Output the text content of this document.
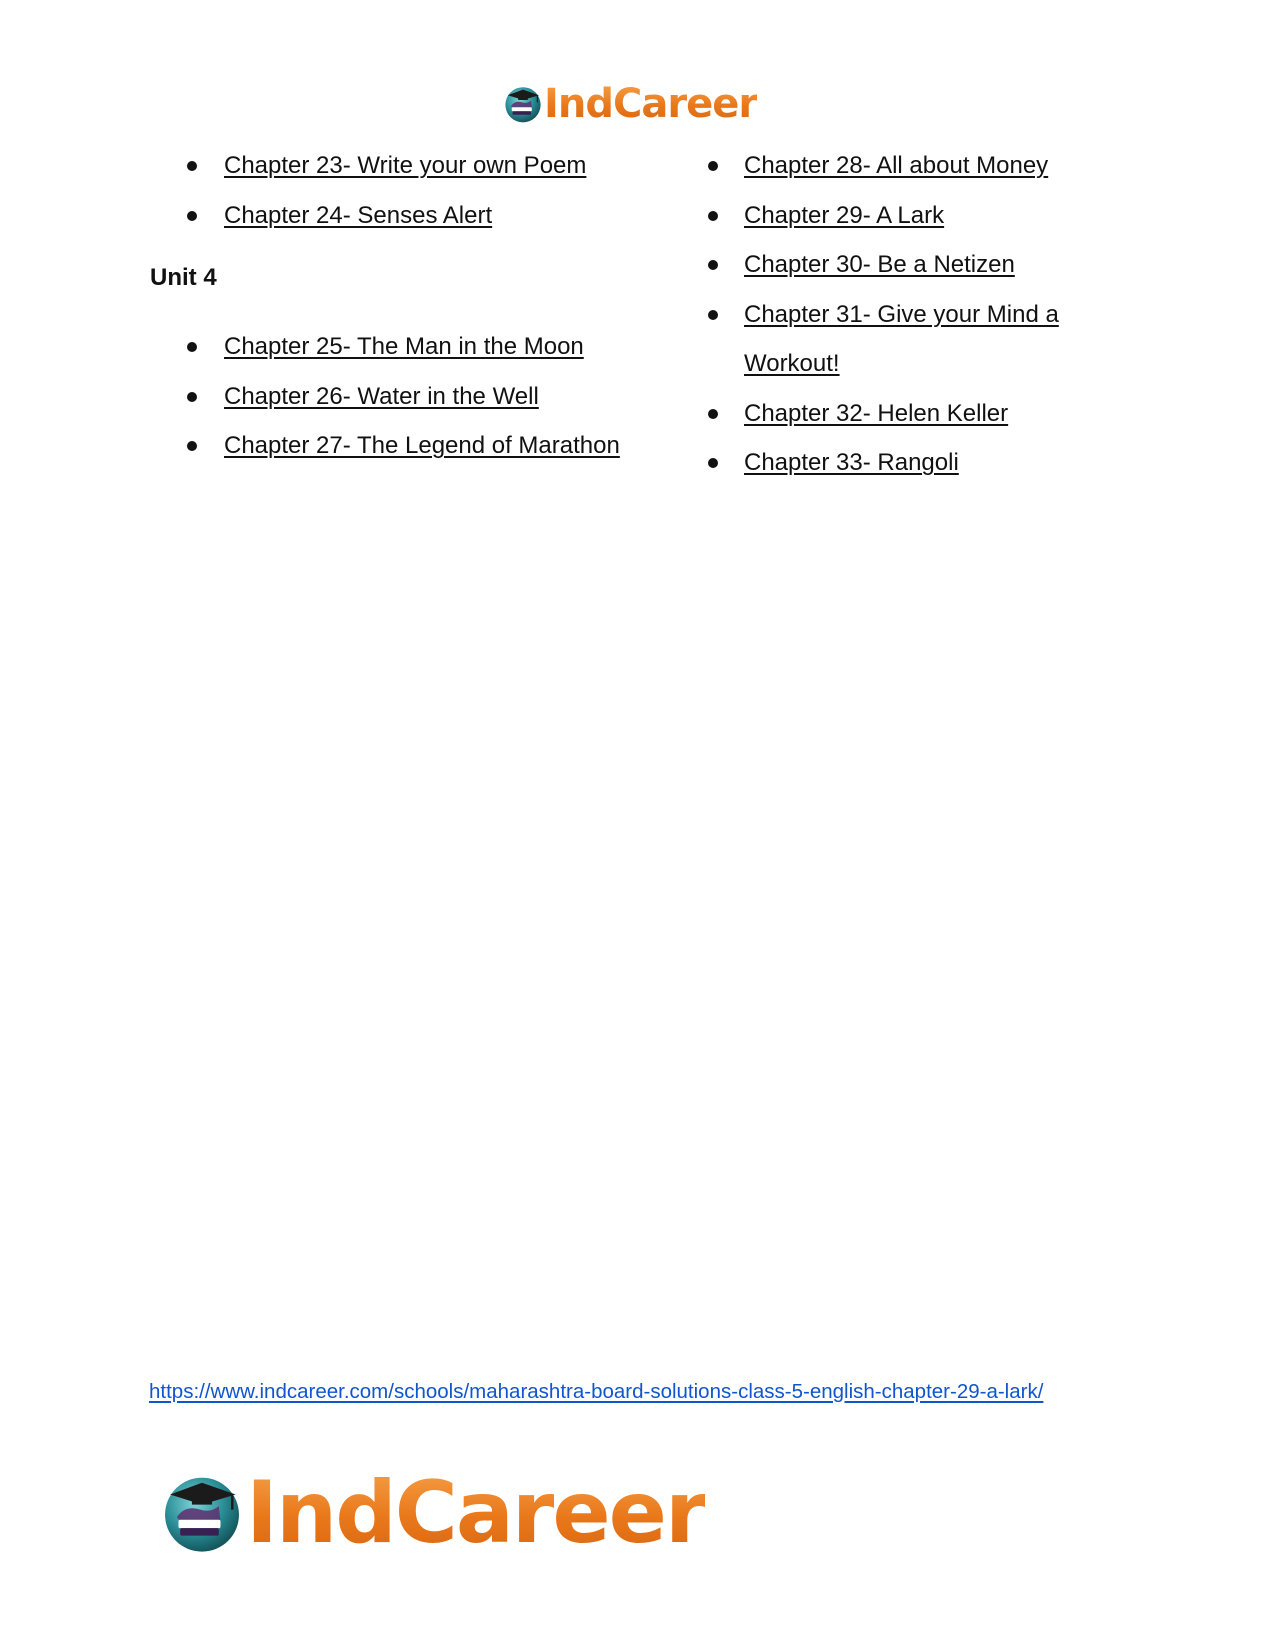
IndCareer
Chapter 23- Write your own Poem
Chapter 24- Senses Alert
Unit 4
Chapter 25- The Man in the Moon
Chapter 26- Water in the Well
Chapter 27- The Legend of Marathon
Chapter 28- All about Money
Chapter 29- A Lark
Chapter 30- Be a Netizen
Chapter 31- Give your Mind a Workout!
Chapter 32- Helen Keller
Chapter 33- Rangoli
https://www.indcareer.com/schools/maharashtra-board-solutions-class-5-english-chapter-29-a-lark/
IndCareer
